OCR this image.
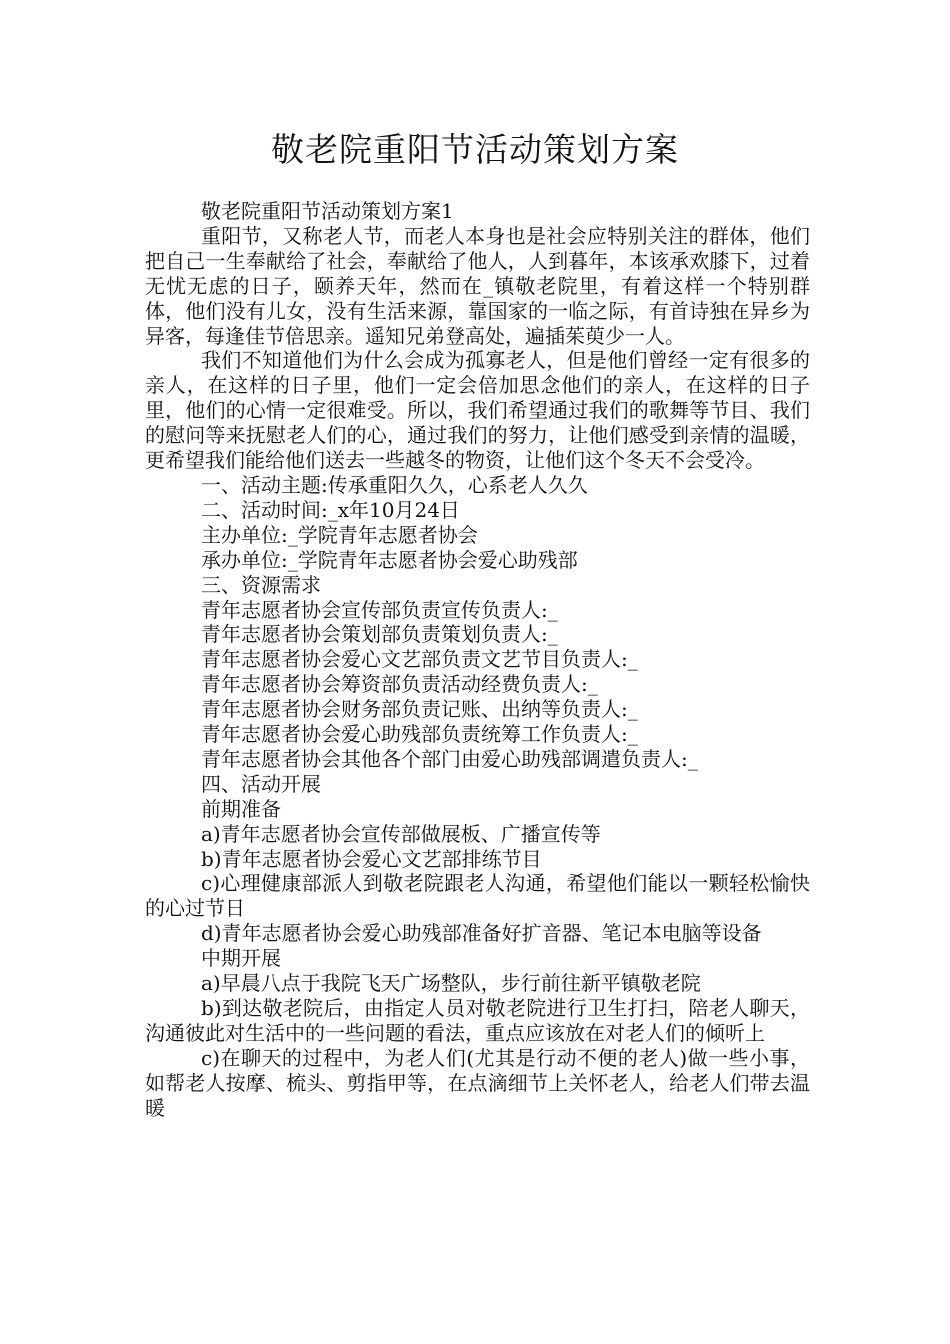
敬老院重阳节活动策划方案

敬老院重阳节活动策划方案1

重阳节，又称老人节，而老人本身也是社会应特别关注的群体，他们把自己一生奉献给了社会，奉献给了他人，人到暮年，本该承欢膝下，过着无忧无虑的日子，颐养天年，然而在_镇敬老院里，有着这样一个特别群体，他们没有儿女，没有生活来源，靠国家的一临之际，有首诗独在异乡为异客，每逢佳节倍思亲。遥知兄弟登高处，遍插茱萸少一人。

我们不知道他们为什么会成为孤寡老人，但是他们曾经一定有很多的亲人，在这样的日子里，他们一定会倍加思念他们的亲人，在这样的日子里，他们的心情一定很难受。所以，我们希望通过我们的歌舞等节目、我们的慰问等来抚慰老人们的心，通过我们的努力，让他们感受到亲情的温暖，更希望我们能给他们送去一些越冬的物资，让他们这个冬天不会受冷。

一、活动主题:传承重阳久久，心系老人久久

二、活动时间:_x年10月24日

主办单位:_学院青年志愿者协会

承办单位:_学院青年志愿者协会爱心助残部

三、资源需求

青年志愿者协会宣传部负责宣传负责人:_

青年志愿者协会策划部负责策划负责人:_

青年志愿者协会爱心文艺部负责文艺节目负责人:_

青年志愿者协会筹资部负责活动经费负责人:_

青年志愿者协会财务部负责记账、出纳等负责人:_

青年志愿者协会爱心助残部负责统筹工作负责人:_

青年志愿者协会其他各个部门由爱心助残部调遣负责人:_

四、活动开展

前期准备

a)青年志愿者协会宣传部做展板、广播宣传等

b)青年志愿者协会爱心文艺部排练节目

c)心理健康部派人到敬老院跟老人沟通，希望他们能以一颗轻松愉快的心过节日

d)青年志愿者协会爱心助残部准备好扩音器、笔记本电脑等设备

中期开展

a)早晨八点于我院飞天广场整队，步行前往新平镇敬老院

b)到达敬老院后，由指定人员对敬老院进行卫生打扫，陪老人聊天，沟通彼此对生活中的一些问题的看法，重点应该放在对老人们的倾听上

c)在聊天的过程中，为老人们(尤其是行动不便的老人)做一些小事，如帮老人按摩、梳头、剪指甲等，在点滴细节上关怀老人，给老人们带去温暖
